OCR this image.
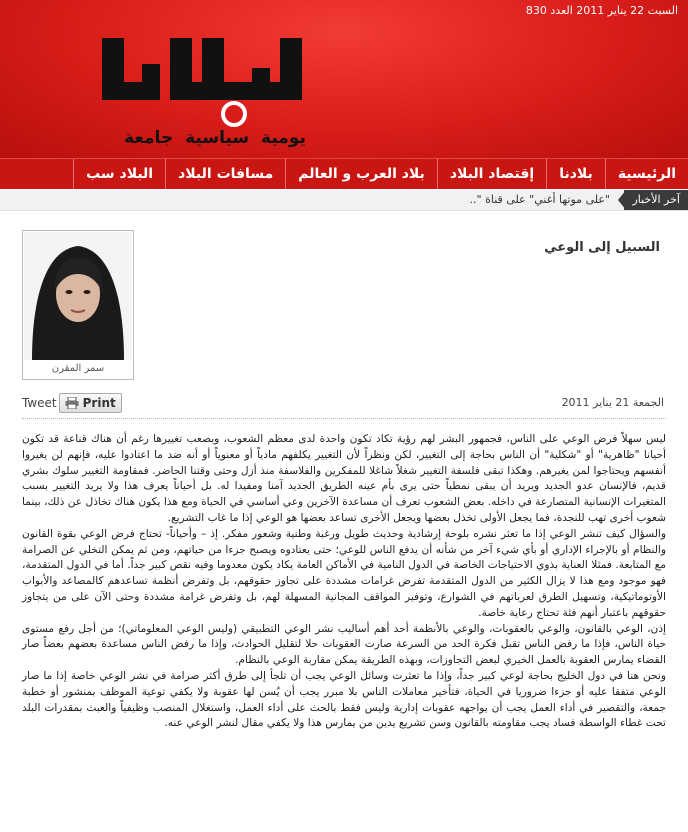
السبت 22 يناير 2011 العدد 830
يومية سياسية جامعة
الرئيسية
بلادنا
إقتصاد البلاد
بلاد العرب و العالم
مسافات البلاد
البلاد سب
آخر الأخبار
"على موتها أغني" على قناة "..
سمر المقرن
السبيل إلى الوعي
Tweet Print	الجمعة 21 يناير 2011

ليس سهلاً فرض الوعي على الناس، فجمهور البشر لهم رؤية تكاد تكون واحدة لدى معظم الشعوب، وبصعب تغييرها رغم أن هناك قناعة قد تكون أحيانا "ظاهرية" أو "شكلية" أن الناس بحاجة إلى التغيير، لكن ونظراً لأن التغيير يكلفهم مادياً أو معنوياً أو أنه ضد ما اعتادوا عليه، فإنهم لن يغيروا أنفسهم ويحتاجوا لمن يغيرهم. وهكذا تبقى فلسفة التغيير شغلاً شاغلا للمفكرين والفلاسفة منذ أزل وحتى وقتنا الحاضر. فمقاومة التغيير سلوك بشري قديم، فالإنسان عدو الجديد ويريد أن يبقى نمطياً حتى يرى بأم عينه الطريق الجديد آمنا ومفيدا له. بل أحياناً يعرف هذا ولا يريد التغيير بسبب المتغيرات الإنسانية المتصارعة في داخله. بعض الشعوب تعرف أن مساعدة الآخرين وعي أساسي في الحياة ومع هذا يكون هناك تخاذل عن ذلك، بينما شعوب أخرى تهب للنجدة، فما يجعل الأولى تخذل بعضها ويجعل الأخرى تساعد بعضها هو الوعي إذا ما غاب التشريع.

والسؤال كيف تنشر الوعي إذا ما تعثر نشره بلوحة إرشادية وحديث طويل ورغبة وطنية وشعور مفكر. إذ – وأحياناً- تحتاج فرض الوعي بقوة القانون والنظام أو بالإجراء الإداري أو بأي شيء آخر من شأنه أن يدفع الناس للوعي؛ حتى يعتادوه ويصبح جزءا من حياتهم، ومن ثم يمكن التخلي عن الصرامة مع المتابعة. فمثلا العناية بذوي الاحتياجات الخاصة في الدول النامية في الأماكن العامة يكاد يكون معدوما وفيه نقص كبير جداً. أما في الدول المتقدمة، فهو موجود ومع هذا لا يزال الكثير من الدول المتقدمة تفرض غرامات مشددة على تجاوز حقوقهم، بل وتفرض أنظمة تساعدهم كالمصاعد والأبواب الأوتوماتيكية، وتسهيل الطرق لعرباتهم في الشوارع، وتوفير المواقف المجانية المسهلة لهم، بل وتفرض غرامة مشددة وحتى الآن على من يتجاوز حقوقهم باعتبار أنهم فئة تحتاج رعاية خاصة.

إذن، الوعي بالقانون، والوعي بالعقوبات، والوعي بالأنظمة أحد أهم أساليب نشر الوعي التطبيقي (وليس الوعي المعلوماتي)؛ من أجل رفع مستوى حياة الناس، فإذا ما رفض الناس تقبل فكرة الحد من السرعة صارت العقوبات حلا لتقليل الحوادث، وإذا ما رفض الناس مساعدة بعضهم بعضاً صار القضاء يمارس العقوبة بالعمل الخيري لبعض التجاوزات، وبهذه الطريقة يمكن مقاربة الوعي بالنظام.

ونحن هنا في دول الخليج بحاجة لوعي كبير جداً، وإذا ما تعثرت وسائل الوعي يجب أن تلجأ إلى طرق أكثر صرامة في نشر الوعي خاصة إذا ما صار الوعي متفقا عليه أو جزءا ضروريا في الحياة، فتأخير معاملات الناس بلا مبرر يجب أن يُسن لها عقوبة ولا يكفي توعية الموظف بمنشور أو خطبة جمعة، والتقصير في أداء العمل يجب أن يواجهه عقوبات إدارية وليس فقط بالحث على أداء العمل، واستغلال المنصب وظيفياً والعبث بمقدرات البلد تحت غطاء الواسطة فساد يجب مقاومته بالقانون وسن تشريع يدين من يمارس هذا ولا يكفي مقال لنشر الوعي عنه.
